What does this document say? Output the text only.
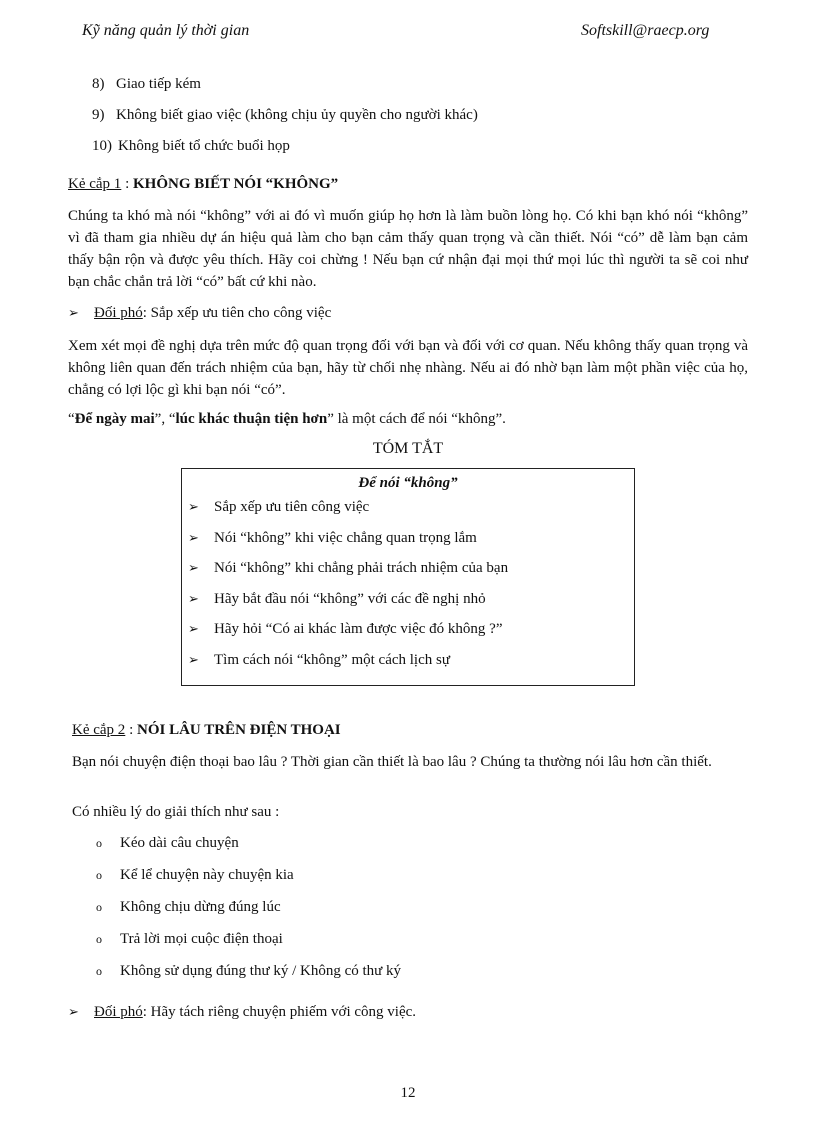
Kỹ năng quản lý thời gian	Softskill@raecp.org
8) Giao tiếp kém
9) Không biết giao việc (không chịu ủy quyền cho người khác)
10) Không biết tổ chức buổi họp
Kẻ cắp 1 : KHÔNG BIẾT NÓI “KHÔNG”
Chúng ta khó mà nói “không” với ai đó vì muốn giúp họ hơn là làm buồn lòng họ. Có khi bạn khó nói “không” vì đã tham gia nhiều dự án hiệu quả làm cho bạn cảm thấy quan trọng và cần thiết. Nói “có” dễ làm bạn cảm thấy bận rộn và được yêu thích. Hãy coi chừng ! Nếu bạn cứ nhận đại mọi thứ mọi lúc thì người ta sẽ coi như bạn chắc chắn trả lời “có” bất cứ khi nào.
➢	Đối phó : Sắp xếp ưu tiên cho công việc
Xem xét mọi đề nghị dựa trên mức độ quan trọng đối với bạn và đối với cơ quan. Nếu không thấy quan trọng và không liên quan đến trách nhiệm của bạn, hãy từ chối nhẹ nhàng. Nếu ai đó nhờ bạn làm một phần việc của họ, chẳng có lợi lộc gì khi bạn nói “có”.
“Để ngày mai”, “lúc khác thuận tiện hơn” là một cách để nói “không”.
TÓM TẮT
Để nói “không”
➢	Sắp xếp ưu tiên công việc
➢	Nói “không” khi việc chẳng quan trọng lắm
➢	Nói “không” khi chẳng phải trách nhiệm của bạn
➢	Hãy bắt đầu nói “không” với các đề nghị nhỏ
➢	Hãy hỏi “Có ai khác làm được việc đó không ?”
➢	Tìm cách nói “không” một cách lịch sự
Kẻ cắp 2 : NÓI LÂU TRÊN ĐIỆN THOẠI
Bạn nói chuyện điện thoại bao lâu ? Thời gian cần thiết là bao lâu ? Chúng ta thường nói lâu hơn cần thiết.
Có nhiều lý do giải thích như sau :
o	Kéo dài câu chuyện
o	Kể lể chuyện này chuyện kia
o	Không chịu dừng đúng lúc
o	Trả lời mọi cuộc điện thoại
o	Không sử dụng đúng thư ký / Không có thư ký
➢	Đối phó : Hãy tách riêng chuyện phiếm với công việc.
12
